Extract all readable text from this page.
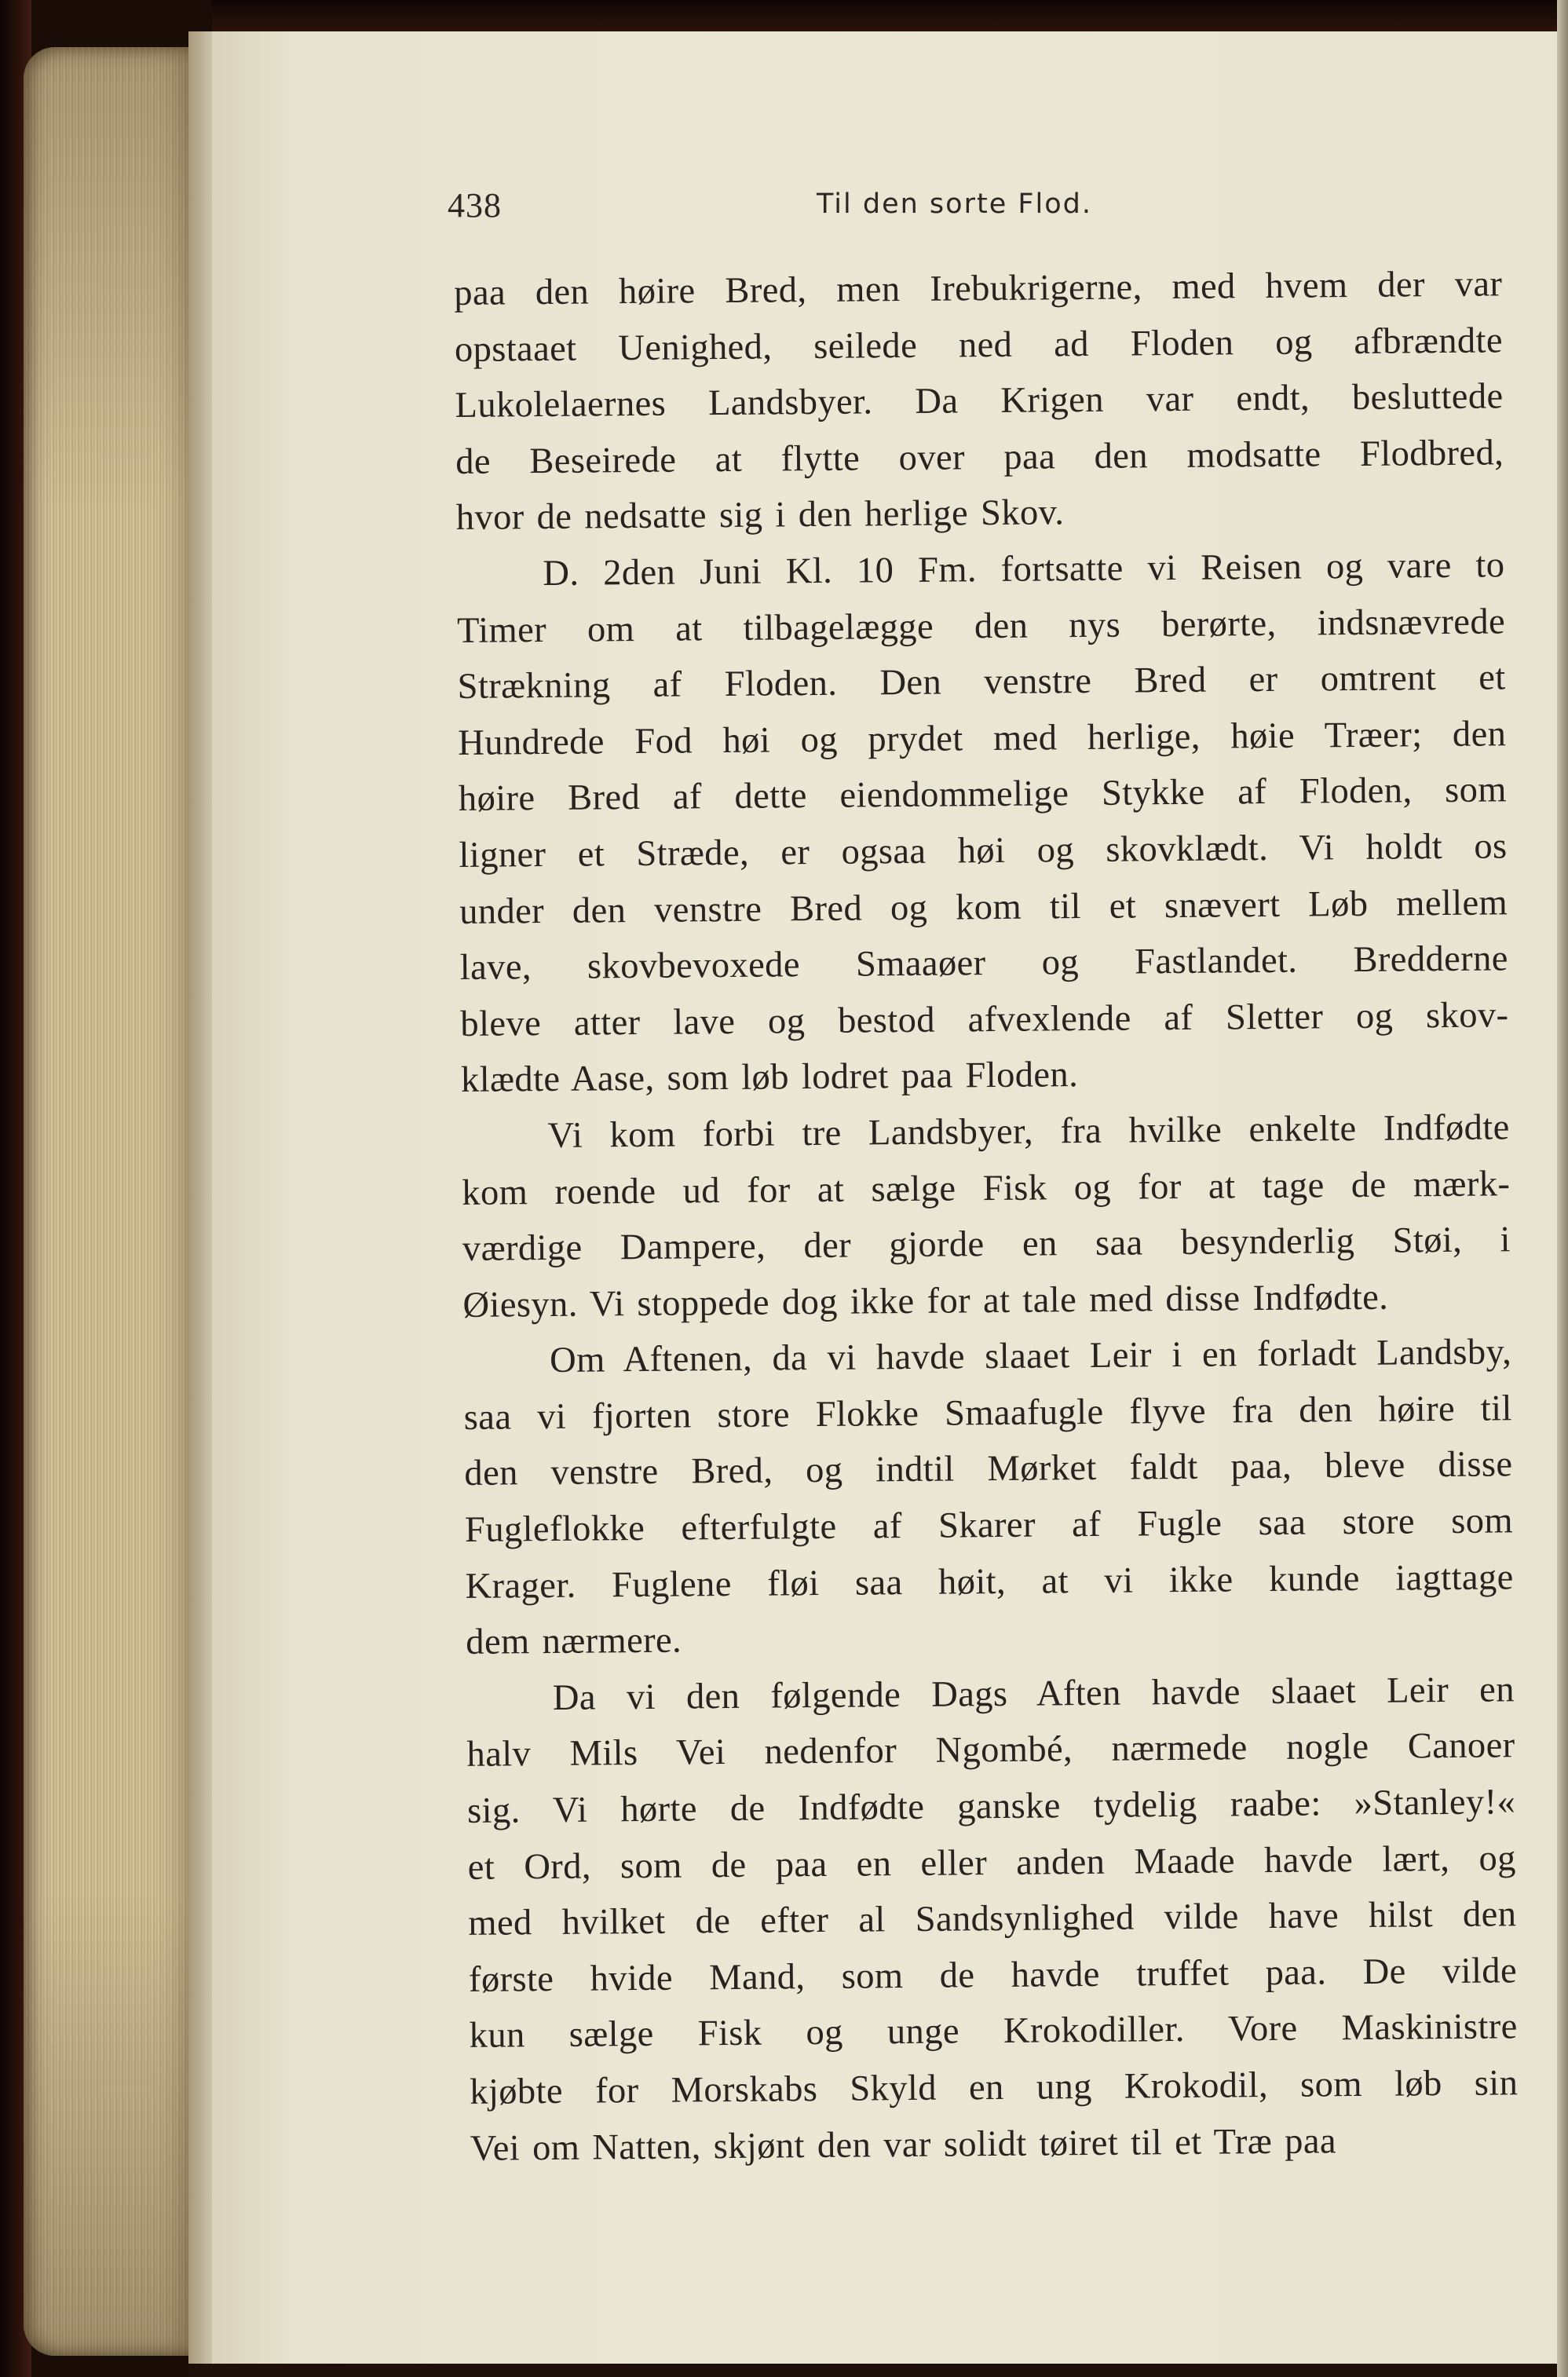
438	Til den sorte Flod.
paa den høire Bred, men Irebukrigerne, med hvem der var
opstaaet Uenighed, seilede ned ad Floden og afbrændte
Lukolelaernes Landsbyer. Da Krigen var endt, besluttede
de Beseirede at flytte over paa den modsatte Flodbred,
hvor de nedsatte sig i den herlige Skov.
D. 2den Juni Kl. 10 Fm. fortsatte vi Reisen og vare to
Timer om at tilbagelægge den nys berørte, indsnævrede
Strækning af Floden. Den venstre Bred er omtrent et
Hundrede Fod høi og prydet med herlige, høie Træer; den
høire Bred af dette eiendommelige Stykke af Floden, som
ligner et Stræde, er ogsaa høi og skovklædt. Vi holdt os
under den venstre Bred og kom til et snævert Løb mellem
lave, skovbevoxede Smaaøer og Fastlandet. Bredderne
bleve atter lave og bestod afvexlende af Sletter og skov-
klædte Aase, som løb lodret paa Floden.
Vi kom forbi tre Landsbyer, fra hvilke enkelte Indfødte
kom roende ud for at sælge Fisk og for at tage de mærk-
værdige Dampere, der gjorde en saa besynderlig Støi, i
Øiesyn. Vi stoppede dog ikke for at tale med disse Indfødte.
Om Aftenen, da vi havde slaaet Leir i en forladt Landsby,
saa vi fjorten store Flokke Smaafugle flyve fra den høire til
den venstre Bred, og indtil Mørket faldt paa, bleve disse
Fugleflokke efterfulgte af Skarer af Fugle saa store som
Krager. Fuglene fløi saa høit, at vi ikke kunde iagttage
dem nærmere.
Da vi den følgende Dags Aften havde slaaet Leir en
halv Mils Vei nedenfor Ngombé, nærmede nogle Canoer
sig. Vi hørte de Indfødte ganske tydelig raabe: »Stanley!«
et Ord, som de paa en eller anden Maade havde lært, og
med hvilket de efter al Sandsynlighed vilde have hilst den
første hvide Mand, som de havde truffet paa. De vilde
kun sælge Fisk og unge Krokodiller. Vore Maskinistre
kjøbte for Morskabs Skyld en ung Krokodil, som løb sin
Vei om Natten, skjønt den var solidt tøiret til et Træ paa
